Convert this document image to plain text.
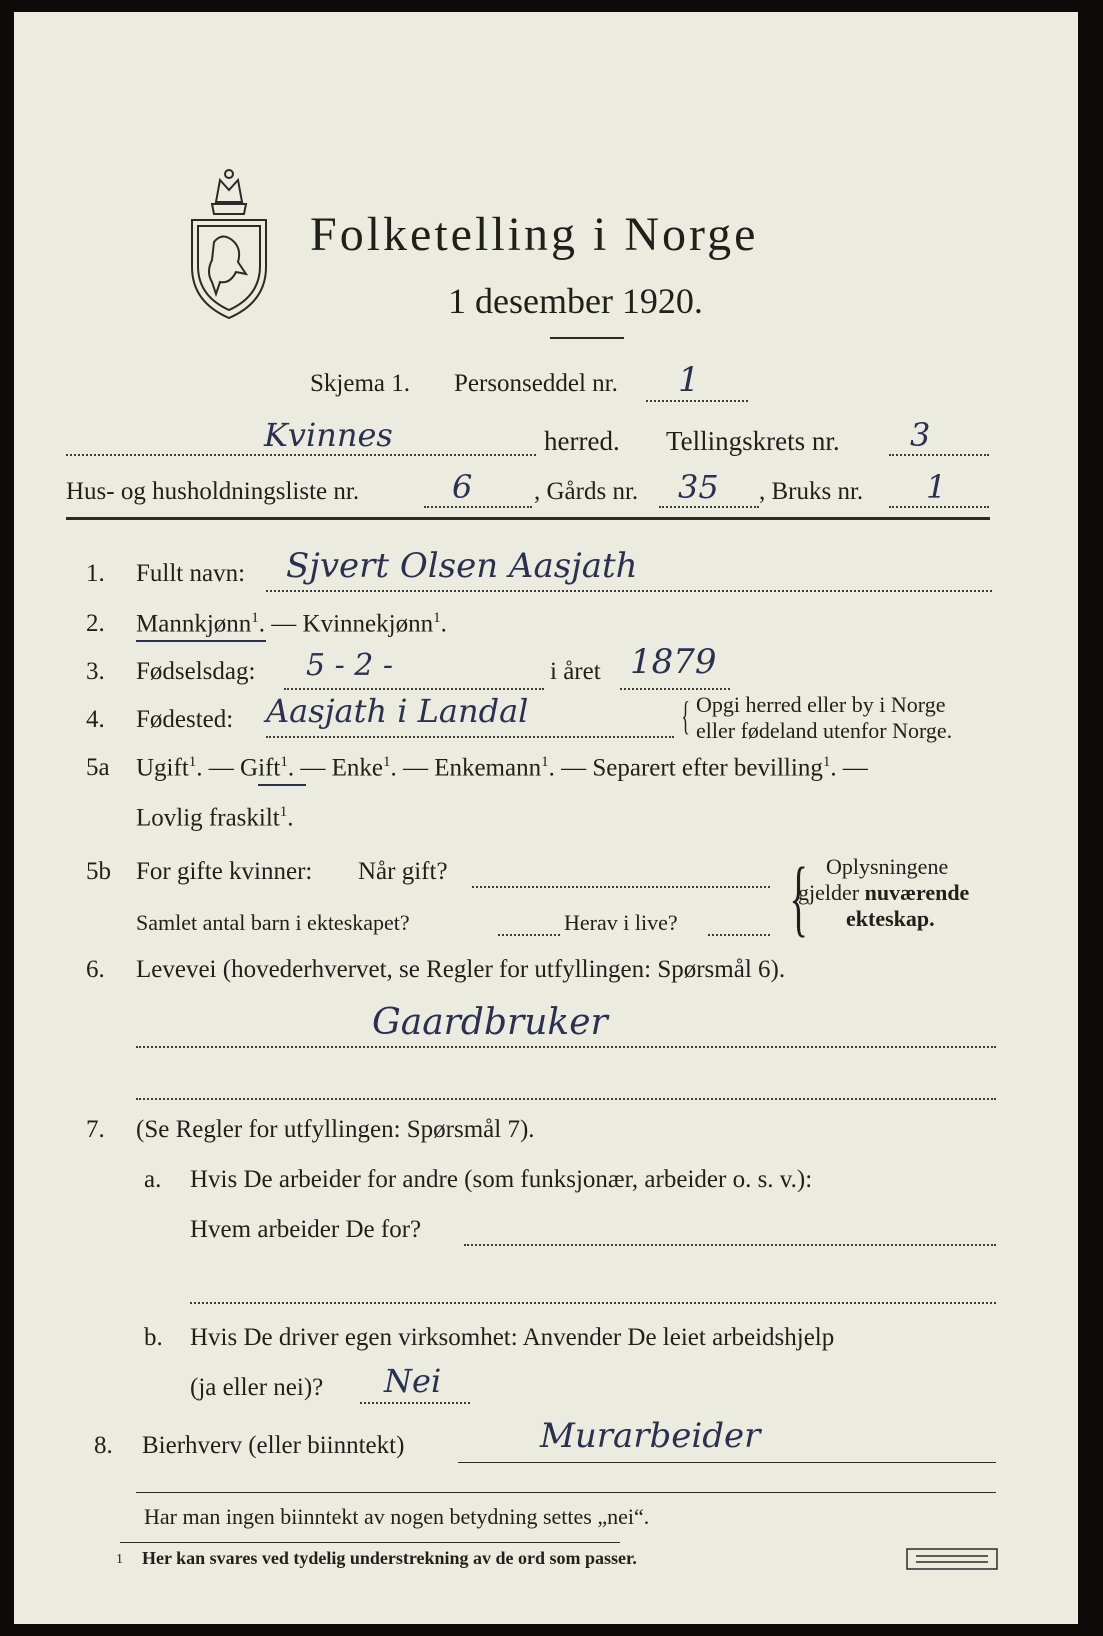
Folketelling i Norge
1 desember 1920.
Skjema 1. Personseddel nr. 1
Kvinnes	herred. Tellingskrets nr. 3
Hus- og husholdningsliste nr.	6 , Gårds nr. 35 , Bruks nr. 1
1. Fullt navn: Sjvert Olsen Aasjath
2. Mannkjønn$^1$. — Kvinnekjønn$^1$.
3. Fødselsdag: 5 - 2 -	i året 1879
4. Fødested: Aasjath i Landal	{ Opgi herred eller by i Norge
eller fødeland utenfor Norge.
5a Ugift$^1$. — Gift$^1$. — Enke$^1$. — Enkemann$^1$. — Separert efter bevilling$^1$. —
Lovlig fraskilt$^1$.
5b For gifte kvinner: Når gift?
Samlet antal barn i ekteskapet?	Herav i live? { Oplysningene
gjelder nuværende
ekteskap.
6. Levevei (hovederhvervet, se Regler for utfyllingen: Spørsmål 6).
Gaardbruker
7. (Se Regler for utfyllingen: Spørsmål 7).
a. Hvis De arbeider for andre (som funksjonær, arbeider o. s. v.):
Hvem arbeider De for?
b. Hvis De driver egen virksomhet: Anvender De leiet arbeidshjelp
(ja eller nei)? Nei
8. Bierhverv (eller biinntekt)	Murarbeider
Har man ingen biinntekt av nogen betydning settes „nei“.
1 Her kan svares ved tydelig understrekning av de ord som passer.
